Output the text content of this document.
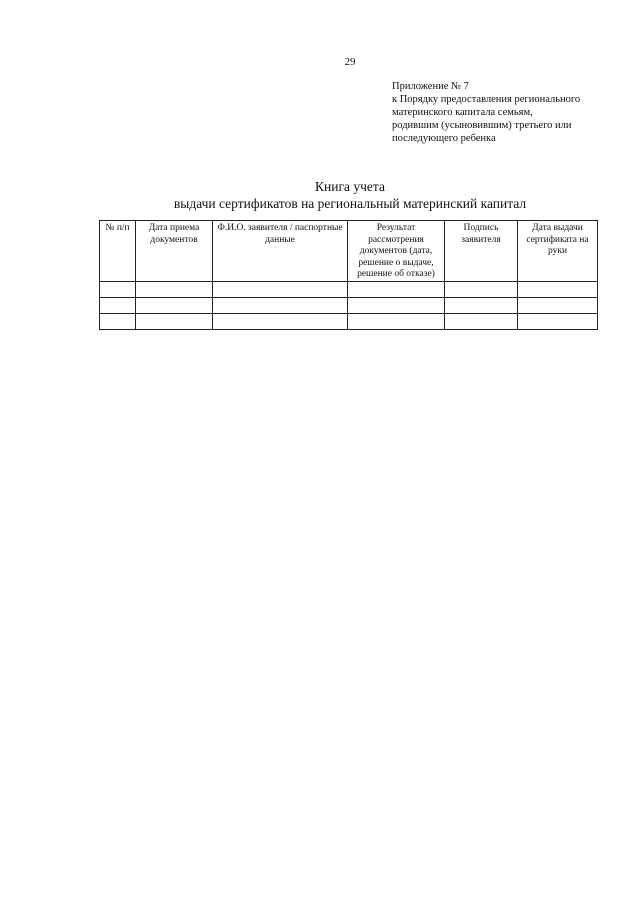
29
Приложение № 7
к Порядку предоставления регионального
материнского капитала семьям,
родившим (усыновившим) третьего или
последующего ребенка
Книга учета
выдачи сертификатов на региональный материнский капитал
№ п/п	Дата приема документов	Ф.И.О. заявителя / паспортные данные	Результат рассмотрения документов (дата, решение о выдаче, решение об отказе)	Подпись заявителя	Дата выдачи сертификата на руки
